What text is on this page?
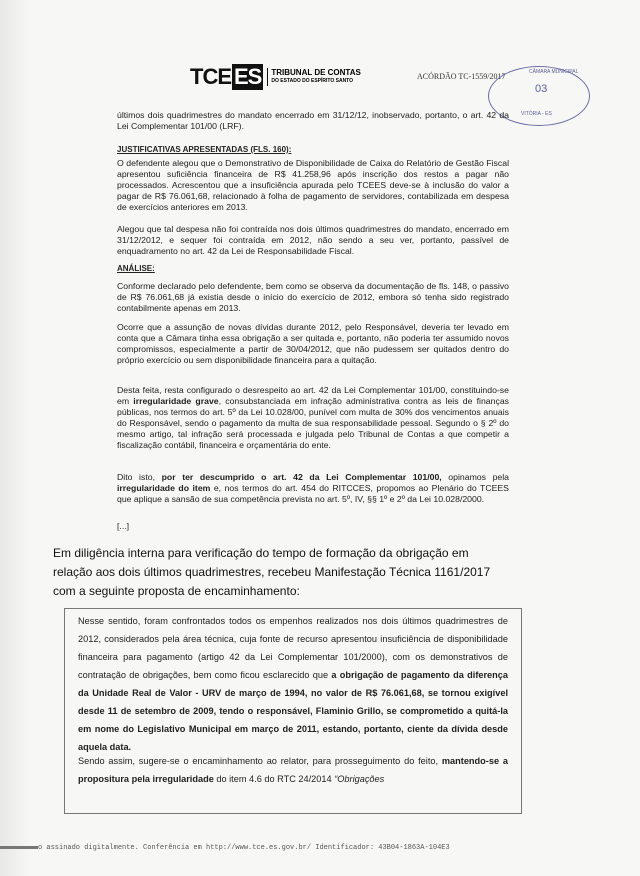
TCE ES TRIBUNAL DE CONTAS
DO ESTADO DO ESPÍRITO SANTO	ACÓRDÃO TC-1559/2017	CÂMARA MUNICIPAL
03
VITÓRIA - ES

últimos dois quadrimestres do mandato encerrado em 31/12/12, inobservado, portanto, o art. 42 da Lei Complementar 101/00 (LRF).

JUSTIFICATIVAS APRESENTADAS (FLS. 160):

O defendente alegou que o Demonstrativo de Disponibilidade de Caixa do Relatório de Gestão Fiscal apresentou suficiência financeira de R$ 41.258,96 após inscrição dos restos a pagar não processados. Acrescentou que a insuficiência apurada pelo TCEES deve-se à inclusão do valor a pagar de R$ 76.061,68, relacionado à folha de pagamento de servidores, contabilizada em despesa de exercícios anteriores em 2013.

Alegou que tal despesa não foi contraída nos dois últimos quadrimestres do mandato, encerrado em 31/12/2012, e sequer foi contraída em 2012, não sendo a seu ver, portanto, passível de enquadramento no art. 42 da Lei de Responsabilidade Fiscal.

ANÁLISE:

Conforme declarado pelo defendente, bem como se observa da documentação de fls. 148, o passivo de R$ 76.061,68 já existia desde o início do exercício de 2012, embora só tenha sido registrado contabilmente apenas em 2013.

Ocorre que a assunção de novas dívidas durante 2012, pelo Responsável, deveria ter levado em conta que a Câmara tinha essa obrigação a ser quitada e, portanto, não poderia ter assumido novos compromissos, especialmente a partir de 30/04/2012, que não pudessem ser quitados dentro do próprio exercício ou sem disponibilidade financeira para a quitação.

Desta feita, resta configurado o desrespeito ao art. 42 da Lei Complementar 101/00, constituindo-se em irregularidade grave, consubstanciada em infração administrativa contra as leis de finanças públicas, nos termos do art. 5º da Lei 10.028/00, punível com multa de 30% dos vencimentos anuais do Responsável, sendo o pagamento da multa de sua responsabilidade pessoal. Segundo o § 2º do mesmo artigo, tal infração será processada e julgada pelo Tribunal de Contas a que competir a fiscalização contábil, financeira e orçamentária do ente.

Dito isto, por ter descumprido o art. 42 da Lei Complementar 101/00, opinamos pela irregularidade do item e, nos termos do art. 454 do RITCCES, propomos ao Plenário do TCEES que aplique a sansão de sua competência prevista no art. 5º, IV, §§ 1º e 2º da Lei 10.028/2000.

[...]

Em diligência interna para verificação do tempo de formação da obrigação em relação aos dois últimos quadrimestres, recebeu Manifestação Técnica 1161/2017 com a seguinte proposta de encaminhamento:
Nesse sentido, foram confrontados todos os empenhos realizados nos dois últimos quadrimestres de 2012, considerados pela área técnica, cuja fonte de recurso apresentou insuficiência de disponibilidade financeira para pagamento (artigo 42 da Lei Complementar 101/2000), com os demonstrativos de contratação de obrigações, bem como ficou esclarecido que a obrigação de pagamento da diferença da Unidade Real de Valor - URV de março de 1994, no valor de R$ 76.061,68, se tornou exigível desde 11 de setembro de 2009, tendo o responsável, Flaminio Grillo, se comprometido a quitá-la em nome do Legislativo Municipal em março de 2011, estando, portanto, ciente da dívida desde aquela data.
Sendo assim, sugere-se o encaminhamento ao relator, para prosseguimento do feito, mantendo-se a propositura pela irregularidade do item 4.6 do RTC 24/2014 “Obrigações
o assinado digitalmente. Conferência em http://www.tce.es.gov.br/ Identificador: 43B04-1863A-104E3
